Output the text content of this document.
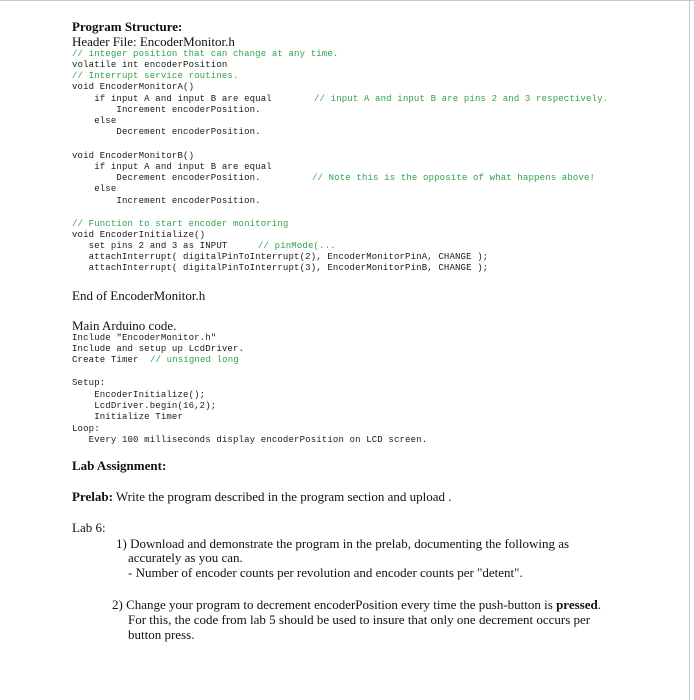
Program Structure:
Header File: EncoderMonitor.h
// integer position that can change at any time.
volatile int encoderPosition
// Interrupt service routines.
void EncoderMonitorA()
if input A and input B are equal	// input A and input B are pins 2 and 3 respectively.
Increment encoderPosition.
else
Decrement encoderPosition.
void EncoderMonitorB()
if input A and input B are equal
Decrement encoderPosition.	// Note this is the opposite of what happens above!
else
Increment encoderPosition.
// Function to start encoder monitoring
void EncoderInitialize()
set pins 2 and 3 as INPUT	// pinMode(...
attachInterrupt( digitalPinToInterrupt(2), EncoderMonitorPinA, CHANGE );
attachInterrupt( digitalPinToInterrupt(3), EncoderMonitorPinB, CHANGE );
End of EncoderMonitor.h
Main Arduino code.
Include "EncoderMonitor.h"
Include and setup up LcdDriver.
Create Timer // unsigned long
Setup:
EncoderInitialize();
LcdDriver.begin(16,2);
Initialize Timer
Loop:
Every 100 milliseconds display encoderPosition on LCD screen.
Lab Assignment:
Prelab: Write the program described in the program section and upload .
Lab 6:
1) Download and demonstrate the program in the prelab, documenting the following as
accurately as you can.
- Number of encoder counts per revolution and encoder counts per "detent".
2) Change your program to decrement encoderPosition every time the push-button is pressed.
For this, the code from lab 5 should be used to insure that only one decrement occurs per
button press.
